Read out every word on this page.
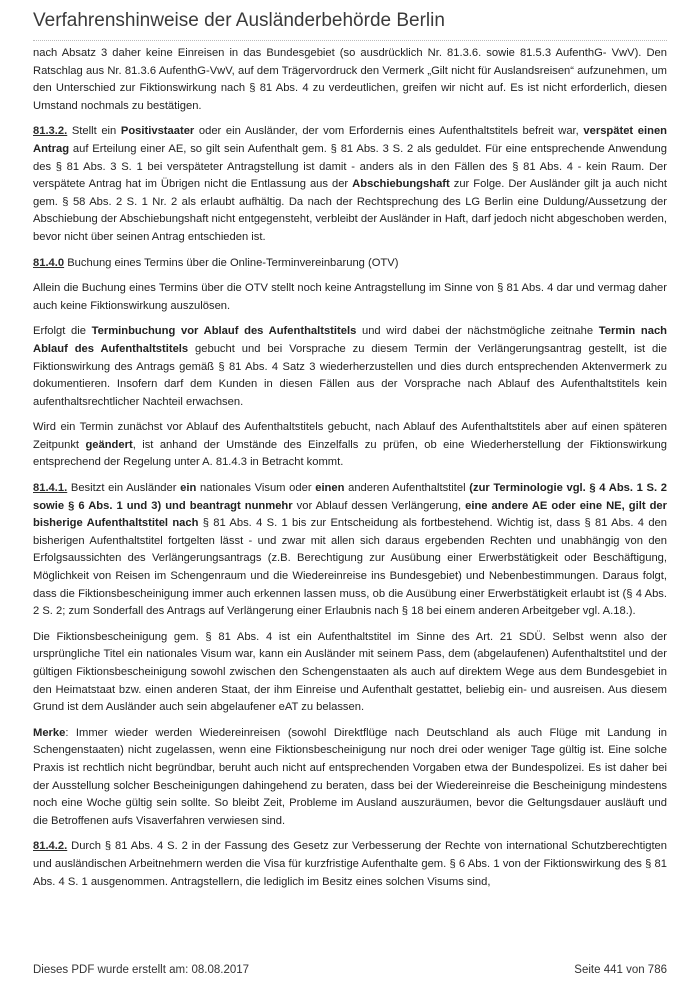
Verfahrenshinweise der Ausländerbehörde Berlin

nach Absatz 3 daher keine Einreisen in das Bundesgebiet (so ausdrücklich Nr. 81.3.6. sowie 81.5.3 AufenthG- VwV). Den Ratschlag aus Nr. 81.3.6 AufenthG-VwV, auf dem Trägervordruck den Vermerk „Gilt nicht für Auslandsreisen“ aufzunehmen, um den Unterschied zur Fiktionswirkung nach § 81 Abs. 4 zu verdeutlichen, greifen wir nicht auf. Es ist nicht erforderlich, diesen Umstand nochmals zu bestätigen.

81.3.2. Stellt ein Positivstaater oder ein Ausländer, der vom Erfordernis eines Aufenthaltstitels befreit war, verspätet einen Antrag auf Erteilung einer AE, so gilt sein Aufenthalt gem. § 81 Abs. 3 S. 2 als geduldet. Für eine entsprechende Anwendung des § 81 Abs. 3 S. 1 bei verspäteter Antragstellung ist damit - anders als in den Fällen des § 81 Abs. 4 - kein Raum. Der verspätete Antrag hat im Übrigen nicht die Entlassung aus der Abschiebungshaft zur Folge. Der Ausländer gilt ja auch nicht gem. § 58 Abs. 2 S. 1 Nr. 2 als erlaubt aufhältig. Da nach der Rechtsprechung des LG Berlin eine Duldung/Aussetzung der Abschiebung der Abschiebungshaft nicht entgegensteht, verbleibt der Ausländer in Haft, darf jedoch nicht abgeschoben werden, bevor nicht über seinen Antrag entschieden ist.

81.4.0 Buchung eines Termins über die Online-Terminvereinbarung (OTV)

Allein die Buchung eines Termins über die OTV stellt noch keine Antragstellung im Sinne von § 81 Abs. 4 dar und vermag daher auch keine Fiktionswirkung auszulösen.

Erfolgt die Terminbuchung vor Ablauf des Aufenthaltstitels und wird dabei der nächstmögliche zeitnahe Termin nach Ablauf des Aufenthaltstitels gebucht und bei Vorsprache zu diesem Termin der Verlängerungsantrag gestellt, ist die Fiktionswirkung des Antrags gemäß § 81 Abs. 4 Satz 3 wiederherzustellen und dies durch entsprechenden Aktenvermerk zu dokumentieren. Insofern darf dem Kunden in diesen Fällen aus der Vorsprache nach Ablauf des Aufenthaltstitels kein aufenthaltsrechtlicher Nachteil erwachsen.

Wird ein Termin zunächst vor Ablauf des Aufenthaltstitels gebucht, nach Ablauf des Aufenthaltstitels aber auf einen späteren Zeitpunkt geändert, ist anhand der Umstände des Einzelfalls zu prüfen, ob eine Wiederherstellung der Fiktionswirkung entsprechend der Regelung unter A. 81.4.3 in Betracht kommt.

81.4.1. Besitzt ein Ausländer ein nationales Visum oder einen anderen Aufenthaltstitel (zur Terminologie vgl. § 4 Abs. 1 S. 2 sowie § 6 Abs. 1 und 3) und beantragt nunmehr vor Ablauf dessen Verlängerung, eine andere AE oder eine NE, gilt der bisherige Aufenthaltstitel nach § 81 Abs. 4 S. 1 bis zur Entscheidung als fortbestehend. Wichtig ist, dass § 81 Abs. 4 den bisherigen Aufenthaltstitel fortgelten lässt - und zwar mit allen sich daraus ergebenden Rechten und unabhängig von den Erfolgsaussichten des Verlängerungsantrags (z.B. Berechtigung zur Ausübung einer Erwerbstätigkeit oder Beschäftigung, Möglichkeit von Reisen im Schengenraum und die Wiedereinreise ins Bundesgebiet) und Nebenbestimmungen. Daraus folgt, dass die Fiktionsbescheinigung immer auch erkennen lassen muss, ob die Ausübung einer Erwerbstätigkeit erlaubt ist (§ 4 Abs. 2 S. 2; zum Sonderfall des Antrags auf Verlängerung einer Erlaubnis nach § 18 bei einem anderen Arbeitgeber vgl. A.18.).

Die Fiktionsbescheinigung gem. § 81 Abs. 4 ist ein Aufenthaltstitel im Sinne des Art. 21 SDÜ. Selbst wenn also der ursprüngliche Titel ein nationales Visum war, kann ein Ausländer mit seinem Pass, dem (abgelaufenen) Aufenthaltstitel und der gültigen Fiktionsbescheinigung sowohl zwischen den Schengenstaaten als auch auf direktem Wege aus dem Bundesgebiet in den Heimatstaat bzw. einen anderen Staat, der ihm Einreise und Aufenthalt gestattet, beliebig ein- und ausreisen. Aus diesem Grund ist dem Ausländer auch sein abgelaufener eAT zu belassen.

Merke: Immer wieder werden Wiedereinreisen (sowohl Direktflüge nach Deutschland als auch Flüge mit Landung in Schengenstaaten) nicht zugelassen, wenn eine Fiktionsbescheinigung nur noch drei oder weniger Tage gültig ist. Eine solche Praxis ist rechtlich nicht begründbar, beruht auch nicht auf entsprechenden Vorgaben etwa der Bundespolizei. Es ist daher bei der Ausstellung solcher Bescheinigungen dahingehend zu beraten, dass bei der Wiedereinreise die Bescheinigung mindestens noch eine Woche gültig sein sollte. So bleibt Zeit, Probleme im Ausland auszuräumen, bevor die Geltungsdauer ausläuft und die Betroffenen aufs Visaverfahren verwiesen sind.

81.4.2. Durch § 81 Abs. 4 S. 2 in der Fassung des Gesetz zur Verbesserung der Rechte von international Schutzberechtigten und ausländischen Arbeitnehmern werden die Visa für kurzfristige Aufenthalte gem. § 6 Abs. 1 von der Fiktionswirkung des § 81 Abs. 4 S. 1 ausgenommen. Antragstellern, die lediglich im Besitz eines solchen Visums sind,

Dieses PDF wurde erstellt am: 08.08.2017	Seite 441 von 786
